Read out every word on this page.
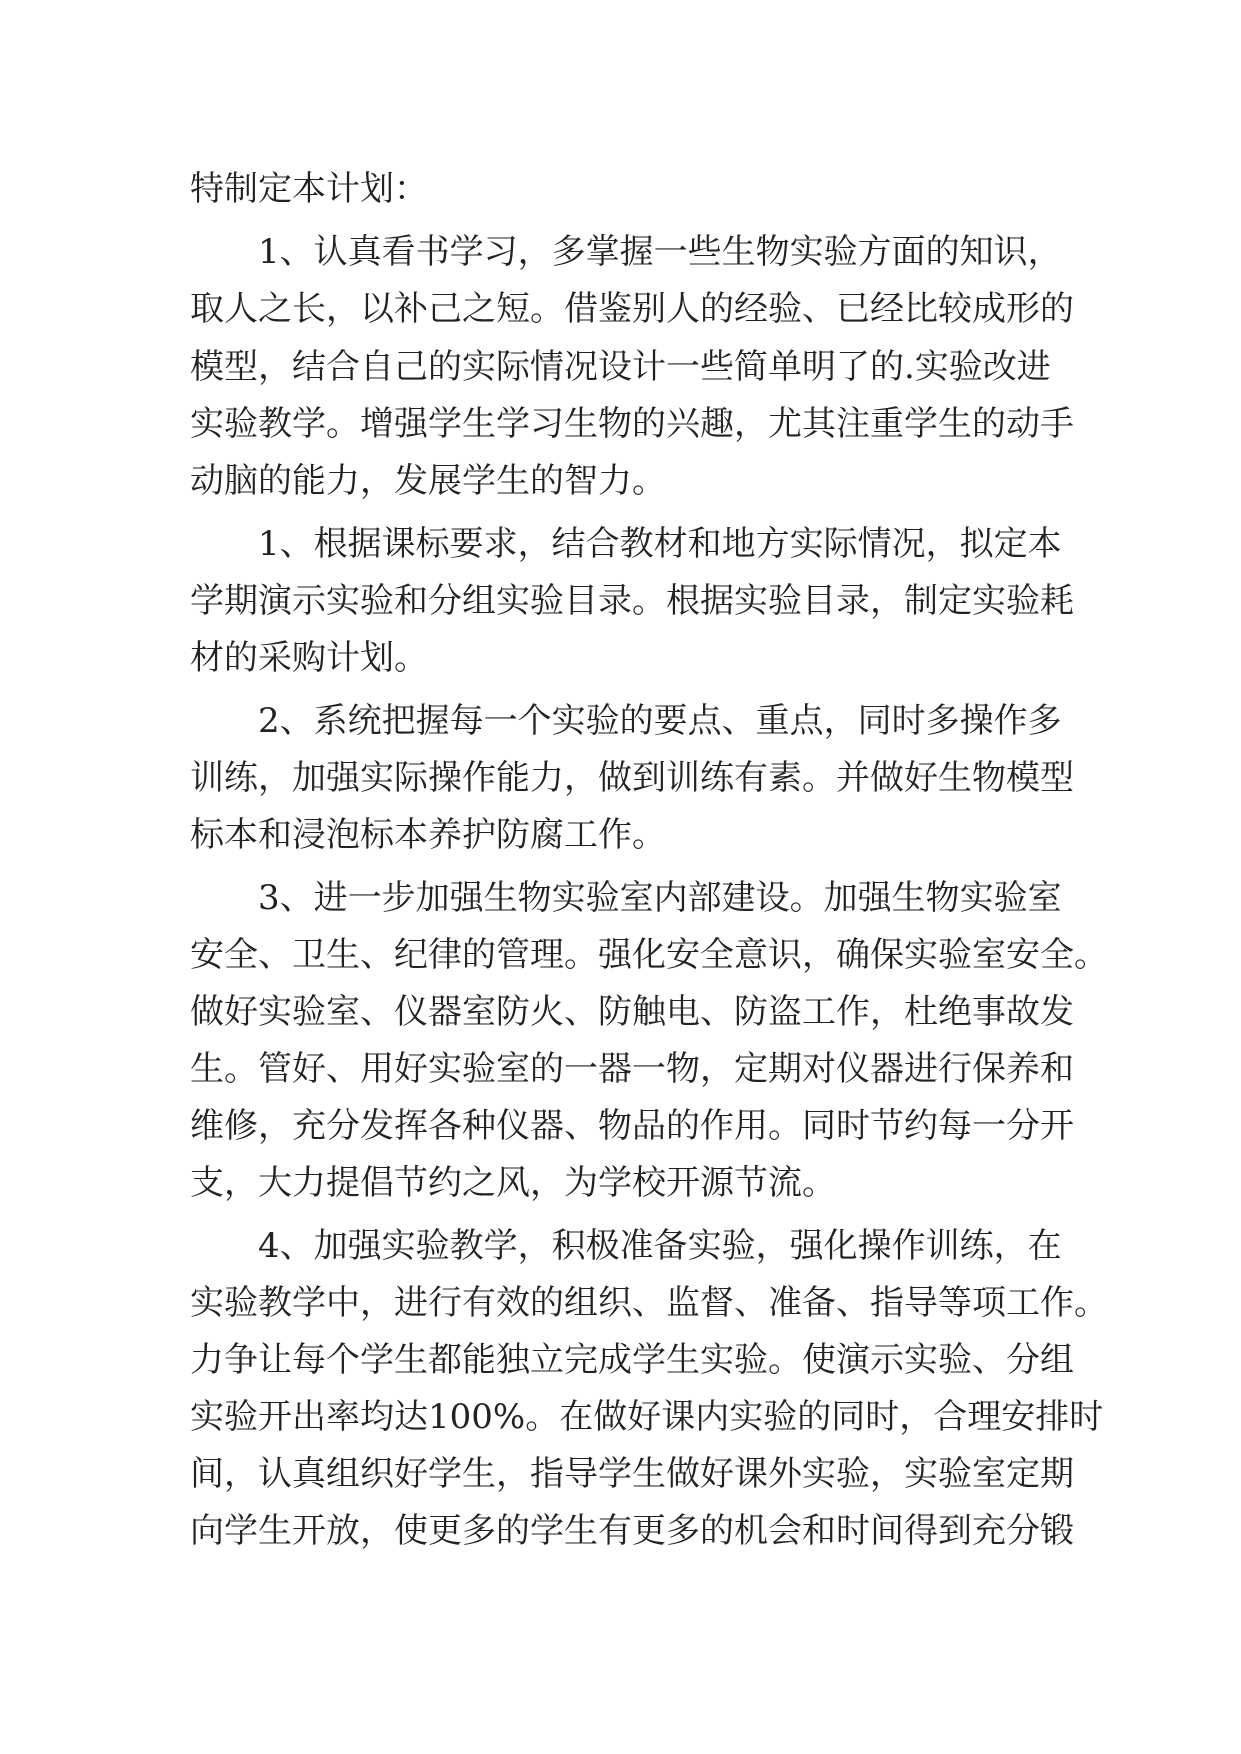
特制定本计划：
1、认真看书学习，多掌握一些生物实验方面的知识，
取人之长，以补己之短。借鉴别人的经验、已经比较成形的
模型，结合自己的实际情况设计一些简单明了的.实验改进
实验教学。增强学生学习生物的兴趣，尤其注重学生的动手
动脑的能力，发展学生的智力。
1、根据课标要求，结合教材和地方实际情况，拟定本
学期演示实验和分组实验目录。根据实验目录，制定实验耗
材的采购计划。
2、系统把握每一个实验的要点、重点，同时多操作多
训练，加强实际操作能力，做到训练有素。并做好生物模型
标本和浸泡标本养护防腐工作。
3、进一步加强生物实验室内部建设。加强生物实验室
安全、卫生、纪律的管理。强化安全意识，确保实验室安全。
做好实验室、仪器室防火、防触电、防盗工作，杜绝事故发
生。管好、用好实验室的一器一物，定期对仪器进行保养和
维修，充分发挥各种仪器、物品的作用。同时节约每一分开
支，大力提倡节约之风，为学校开源节流。
4、加强实验教学，积极准备实验，强化操作训练，在
实验教学中，进行有效的组织、监督、准备、指导等项工作。
力争让每个学生都能独立完成学生实验。使演示实验、分组
实验开出率均达100%。在做好课内实验的同时，合理安排时
间，认真组织好学生，指导学生做好课外实验，实验室定期
向学生开放，使更多的学生有更多的机会和时间得到充分锻
